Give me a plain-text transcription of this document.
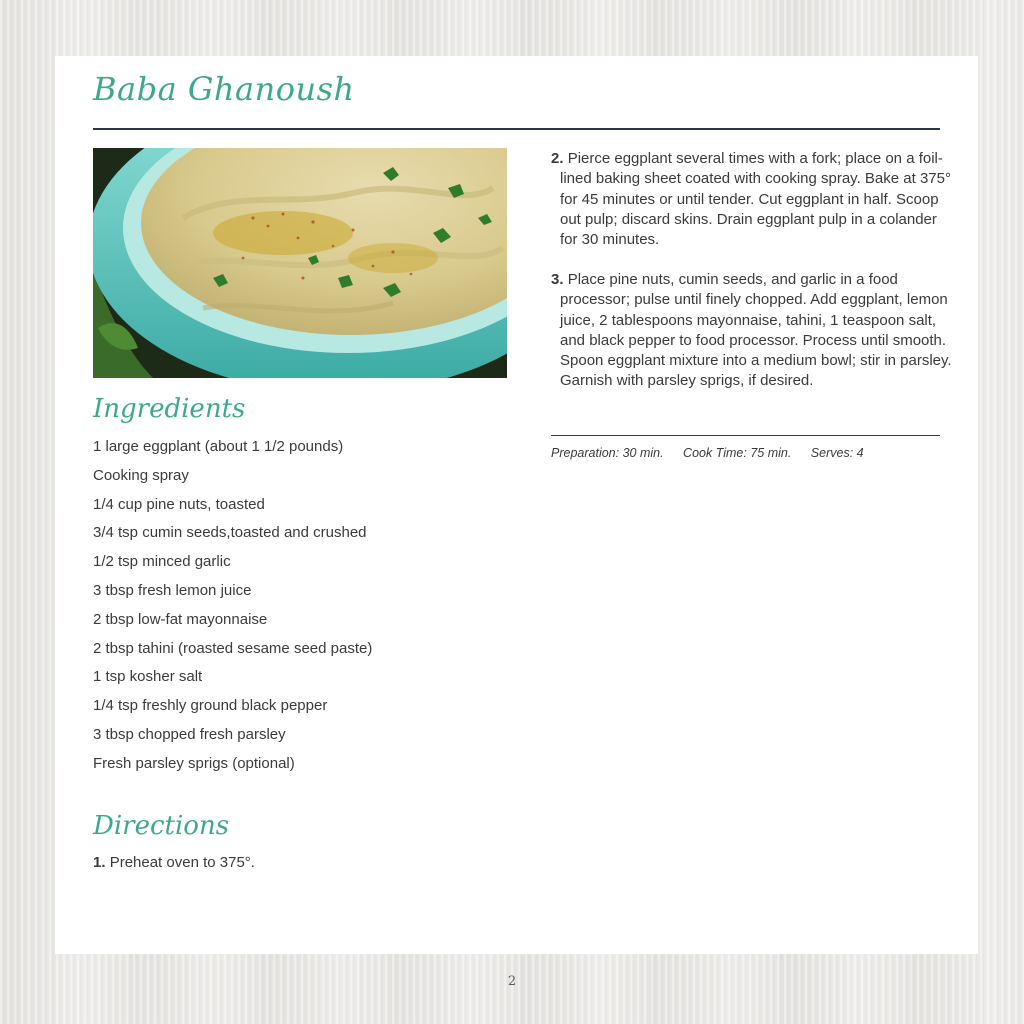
Baba Ghanoush
Ingredients
1 large eggplant (about 1 1/2 pounds)
Cooking spray
1/4 cup pine nuts, toasted
3/4 tsp cumin seeds,toasted and crushed
1/2 tsp minced garlic
3 tbsp fresh lemon juice
2 tbsp low-fat mayonnaise
2 tbsp tahini (roasted sesame seed paste)
1 tsp kosher salt
1/4 tsp freshly ground black pepper
3 tbsp chopped fresh parsley
Fresh parsley sprigs (optional)
Directions
1. Preheat oven to 375°.
2. Pierce eggplant several times with a fork; place on a foil-lined baking sheet coated with cooking spray. Bake at 375° for 45 minutes or until tender. Cut eggplant in half. Scoop out pulp; discard skins. Drain eggplant pulp in a colander for 30 minutes.
3. Place pine nuts, cumin seeds, and garlic in a food processor; pulse until finely chopped. Add eggplant, lemon juice, 2 tablespoons mayonnaise, tahini, 1 teaspoon salt, and black pepper to food processor. Process until smooth. Spoon eggplant mixture into a medium bowl; stir in parsley. Garnish with parsley sprigs, if desired.
Preparation: 30 min. Cook Time: 75 min. Serves: 4
2
